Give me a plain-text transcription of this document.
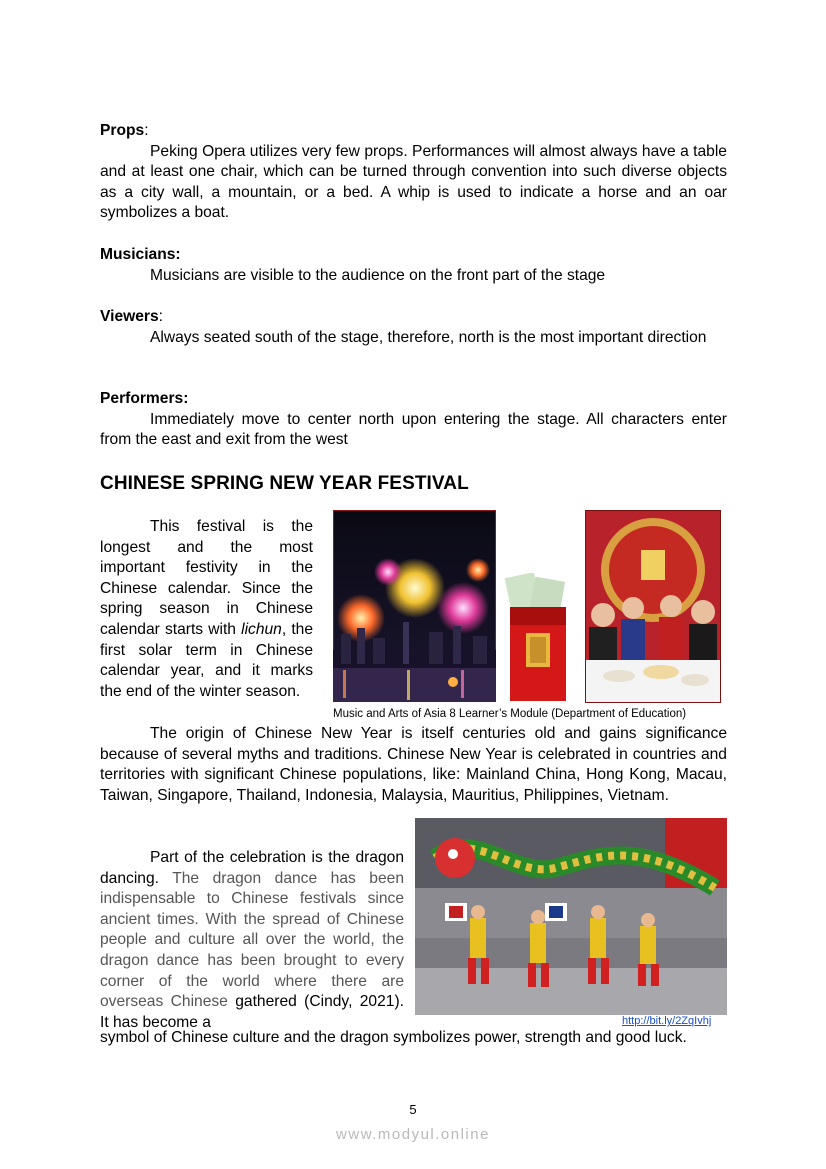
Props:
Peking Opera utilizes very few props. Performances will almost always have a table and at least one chair, which can be turned through convention into such diverse objects as a city wall, a mountain, or a bed. A whip is used to indicate a horse and an oar symbolizes a boat.
Musicians:
Musicians are visible to the audience on the front part of the stage
Viewers:
Always seated south of the stage, therefore, north is the most important direction
Performers:
Immediately move to center north upon entering the stage. All characters enter from the east and exit from the west
CHINESE SPRING NEW YEAR FESTIVAL
This festival is the longest and the most important festivity in the Chinese calendar. Since the spring season in Chinese calendar starts with lichun, the first solar term in Chinese calendar year, and it marks the end of the winter season.
Music and Arts of Asia 8 Learner’s Module (Department of Education)
The origin of Chinese New Year is itself centuries old and gains significance because of several myths and traditions. Chinese New Year is celebrated in countries and territories with significant Chinese populations, like: Mainland China, Hong Kong, Macau, Taiwan, Singapore, Thailand, Indonesia, Malaysia, Mauritius, Philippines, Vietnam.
Part of the celebration is the dragon dancing. The dragon dance has been indispensable to Chinese festivals since ancient times. With the spread of Chinese people and culture all over the world, the dragon dance has been brought to every corner of the world where there are overseas Chinese gathered (Cindy, 2021). It has become a	http://bit.ly/2ZqIvhj
symbol of Chinese culture and the dragon symbolizes power, strength and good luck.
5
www.modyul.online
